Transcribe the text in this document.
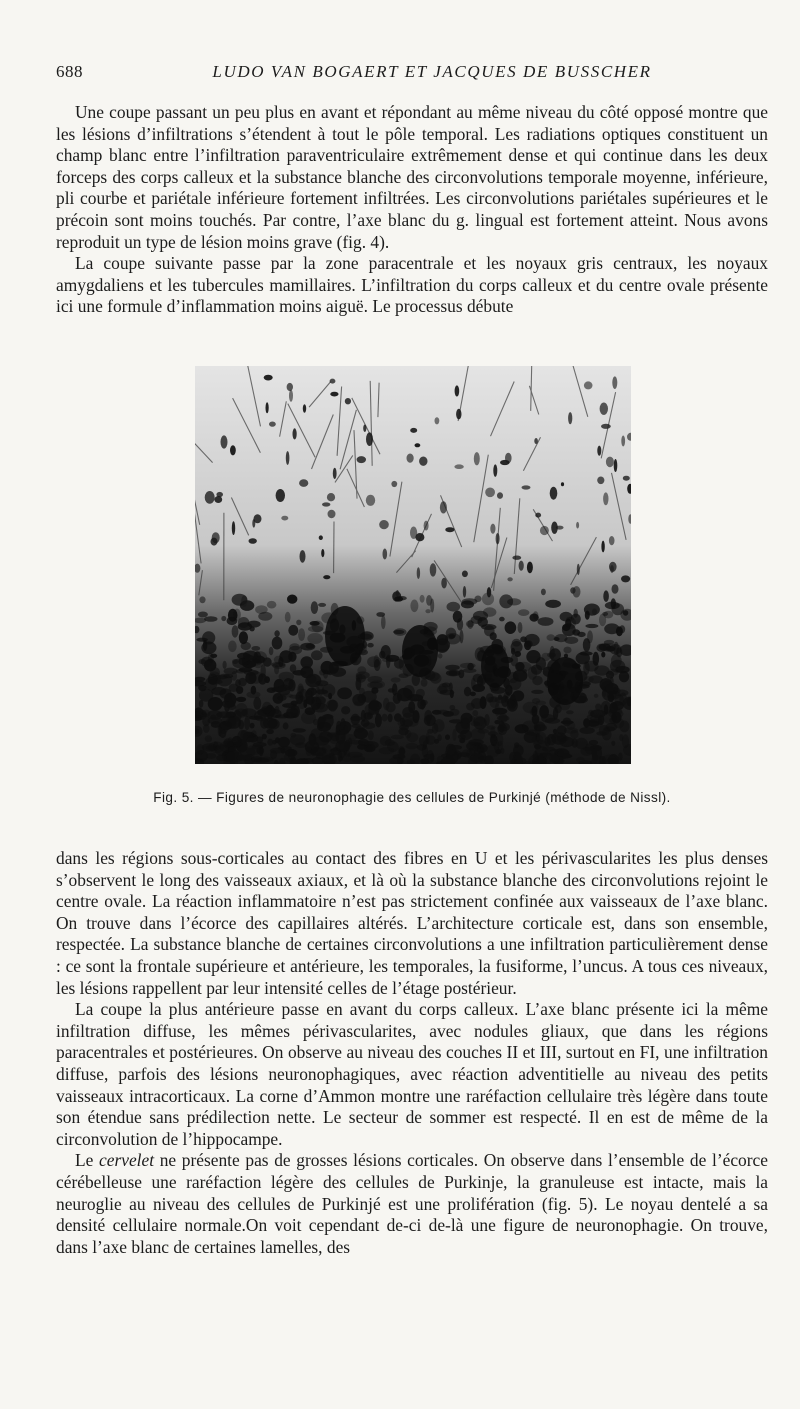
688	LUDO VAN BOGAERT ET JACQUES DE BUSSCHER

Une coupe passant un peu plus en avant et répondant au même niveau du côté opposé montre que les lésions d’infiltrations s’étendent à tout le pôle temporal. Les radiations optiques constituent un champ blanc entre l’infiltration paraventriculaire extrêmement dense et qui continue dans les deux forceps des corps calleux et la substance blanche des circonvolutions temporale moyenne, inférieure, pli courbe et pariétale inférieure fortement infiltrées. Les circonvolutions pariétales supérieures et le précoin sont moins touchés. Par contre, l’axe blanc du g. lingual est fortement atteint. Nous avons reproduit un type de lésion moins grave (fig. 4).

La coupe suivante passe par la zone paracentrale et les noyaux gris centraux, les noyaux amygdaliens et les tubercules mamillaires. L’infiltration du corps calleux et du centre ovale présente ici une formule d’inflammation moins aiguë. Le processus débute

Fig. 5. — Figures de neuronophagie des cellules de Purkinjé (méthode de Nissl).

dans les régions sous-corticales au contact des fibres en U et les périvascularites les plus denses s’observent le long des vaisseaux axiaux, et là où la substance blanche des circonvolutions rejoint le centre ovale. La réaction inflammatoire n’est pas strictement confinée aux vaisseaux de l’axe blanc. On trouve dans l’écorce des capillaires altérés. L’architecture corticale est, dans son ensemble, respectée. La substance blanche de certaines circonvolutions a une infiltration particulièrement dense : ce sont la frontale supérieure et antérieure, les temporales, la fusiforme, l’uncus. A tous ces niveaux, les lésions rappellent par leur intensité celles de l’étage postérieur.

La coupe la plus antérieure passe en avant du corps calleux. L’axe blanc présente ici la même infiltration diffuse, les mêmes périvascularites, avec nodules gliaux, que dans les régions paracentrales et postérieures. On observe au niveau des couches II et III, surtout en FI, une infiltration diffuse, parfois des lésions neuronophagiques, avec réaction adventitielle au niveau des petits vaisseaux intracorticaux. La corne d’Ammon montre une raréfaction cellulaire très légère dans toute son étendue sans prédilection nette. Le secteur de sommer est respecté. Il en est de même de la circonvolution de l’hippocampe.

Le cervelet ne présente pas de grosses lésions corticales. On observe dans l’ensemble de l’écorce cérébelleuse une raréfaction légère des cellules de Purkinje, la granuleuse est intacte, mais la neuroglie au niveau des cellules de Purkinjé est une prolifération (fig. 5). Le noyau dentelé a sa densité cellulaire normale.On voit cependant de-ci de-là une figure de neuronophagie. On trouve, dans l’axe blanc de certaines lamelles, des
